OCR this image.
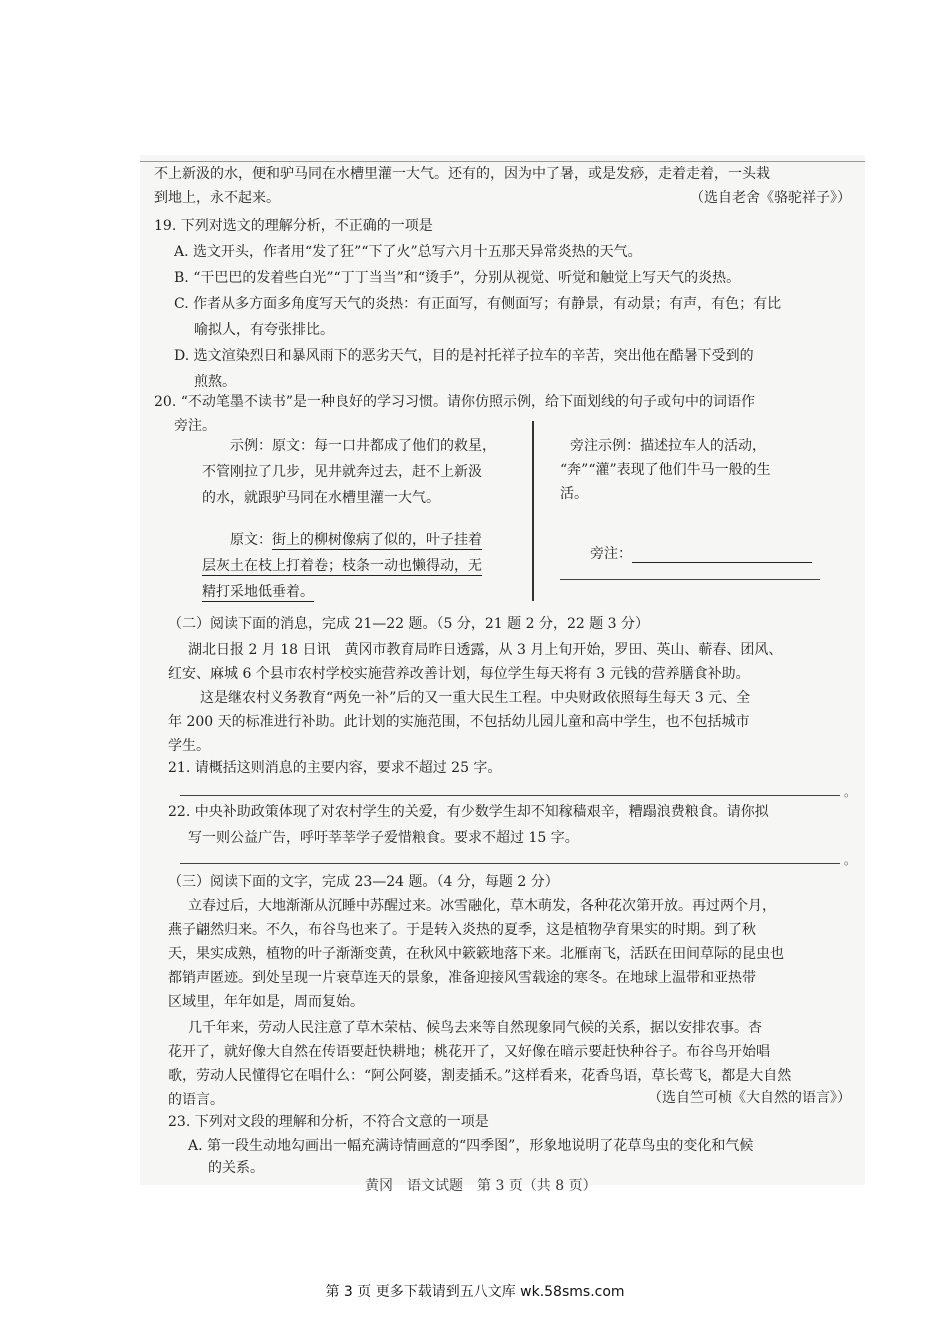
不上新汲的水，便和驴马同在水槽里灌一大气。还有的，因为中了暑，或是发痧，走着走着，一头栽
到地上，永不起来。	（选自老舍《骆驼祥子》）
19. 下列对选文的理解分析，不正确的一项是
A. 选文开头，作者用“发了狂”“下了火”总写六月十五那天异常炎热的天气。
B. “干巴巴的发着些白光”“丁丁当当”和“烫手”，分别从视觉、听觉和触觉上写天气的炎热。
C. 作者从多方面多角度写天气的炎热：有正面写，有侧面写；有静景，有动景；有声，有色；有比
喻拟人，有夸张排比。
D. 选文渲染烈日和暴风雨下的恶劣天气，目的是衬托祥子拉车的辛苦，突出他在酷暑下受到的
煎熬。
20. “不动笔墨不读书”是一种良好的学习习惯。请你仿照示例，给下面划线的句子或句中的词语作
旁注。
示例：原文：每一口井都成了他们的救星，
不管刚拉了几步，见井就奔过去，赶不上新汲
的水，就跟驴马同在水槽里灌一大气。
旁注示例：描述拉车人的活动，
“奔”“灌”表现了他们牛马一般的生
活。
原文：街上的柳树像病了似的，叶子挂着
层灰土在枝上打着卷；枝条一动也懒得动，无
精打采地低垂着。
旁注：
（二）阅读下面的消息，完成 21—22 题。（5 分，21 题 2 分，22 题 3 分）
湖北日报 2 月 18 日讯　黄冈市教育局昨日透露，从 3 月上旬开始，罗田、英山、蕲春、团风、
红安、麻城 6 个县市农村学校实施营养改善计划，每位学生每天将有 3 元钱的营养膳食补助。
这是继农村义务教育“两免一补”后的又一重大民生工程。中央财政依照每生每天 3 元、全
年 200 天的标准进行补助。此计划的实施范围，不包括幼儿园儿童和高中学生，也不包括城市
学生。
21. 请概括这则消息的主要内容，要求不超过 25 字。
。
22. 中央补助政策体现了对农村学生的关爱，有少数学生却不知稼穑艰辛，糟蹋浪费粮食。请你拟
写一则公益广告，呼吁莘莘学子爱惜粮食。要求不超过 15 字。
。
（三）阅读下面的文字，完成 23—24 题。（4 分，每题 2 分）
立春过后，大地渐渐从沉睡中苏醒过来。冰雪融化，草木萌发，各种花次第开放。再过两个月，
燕子翩然归来。不久，布谷鸟也来了。于是转入炎热的夏季，这是植物孕育果实的时期。到了秋
天，果实成熟，植物的叶子渐渐变黄，在秋风中簌簌地落下来。北雁南飞，活跃在田间草际的昆虫也
都销声匿迹。到处呈现一片衰草连天的景象，准备迎接风雪载途的寒冬。在地球上温带和亚热带
区域里，年年如是，周而复始。
几千年来，劳动人民注意了草木荣枯、候鸟去来等自然现象同气候的关系，据以安排农事。杏
花开了，就好像大自然在传语要赶快耕地；桃花开了，又好像在暗示要赶快种谷子。布谷鸟开始唱
歌，劳动人民懂得它在唱什么：“阿公阿婆，割麦插禾。”这样看来，花香鸟语，草长莺飞，都是大自然
的语言。	（选自竺可桢《大自然的语言》）
23. 下列对文段的理解和分析，不符合文意的一项是
A. 第一段生动地勾画出一幅充满诗情画意的“四季图”，形象地说明了花草鸟虫的变化和气候
的关系。
黄冈　语文试题　第 3 页（共 8 页）
第 3 页 更多下载请到五八文库 wk.58sms.com
